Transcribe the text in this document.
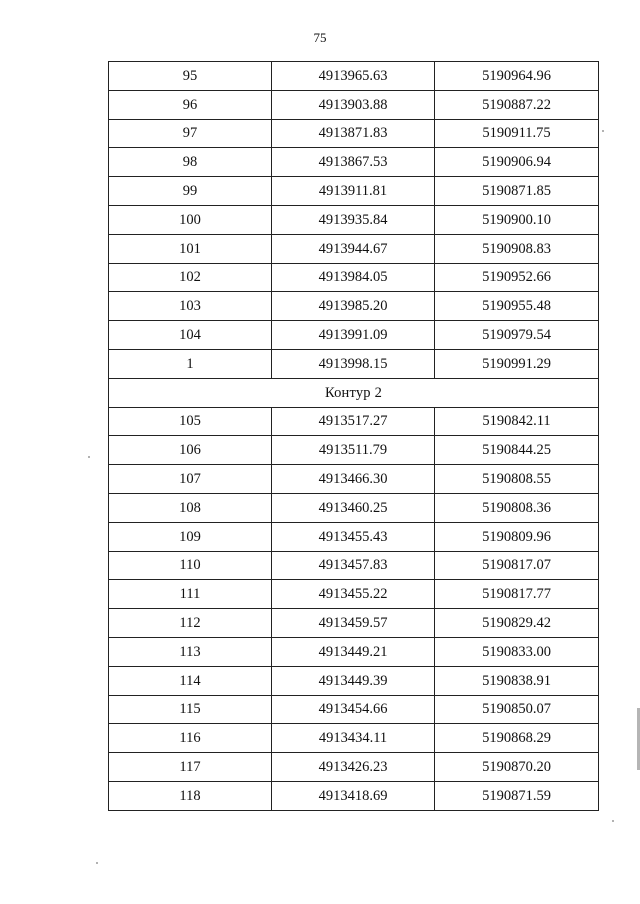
75
95	4913965.63	5190964.96
96	4913903.88	5190887.22
97	4913871.83	5190911.75
98	4913867.53	5190906.94
99	4913911.81	5190871.85
100	4913935.84	5190900.10
101	4913944.67	5190908.83
102	4913984.05	5190952.66
103	4913985.20	5190955.48
104	4913991.09	5190979.54
1	4913998.15	5190991.29
Контур 2		
105	4913517.27	5190842.11
106	4913511.79	5190844.25
107	4913466.30	5190808.55
108	4913460.25	5190808.36
109	4913455.43	5190809.96
110	4913457.83	5190817.07
111	4913455.22	5190817.77
112	4913459.57	5190829.42
113	4913449.21	5190833.00
114	4913449.39	5190838.91
115	4913454.66	5190850.07
116	4913434.11	5190868.29
117	4913426.23	5190870.20
118	4913418.69	5190871.59
